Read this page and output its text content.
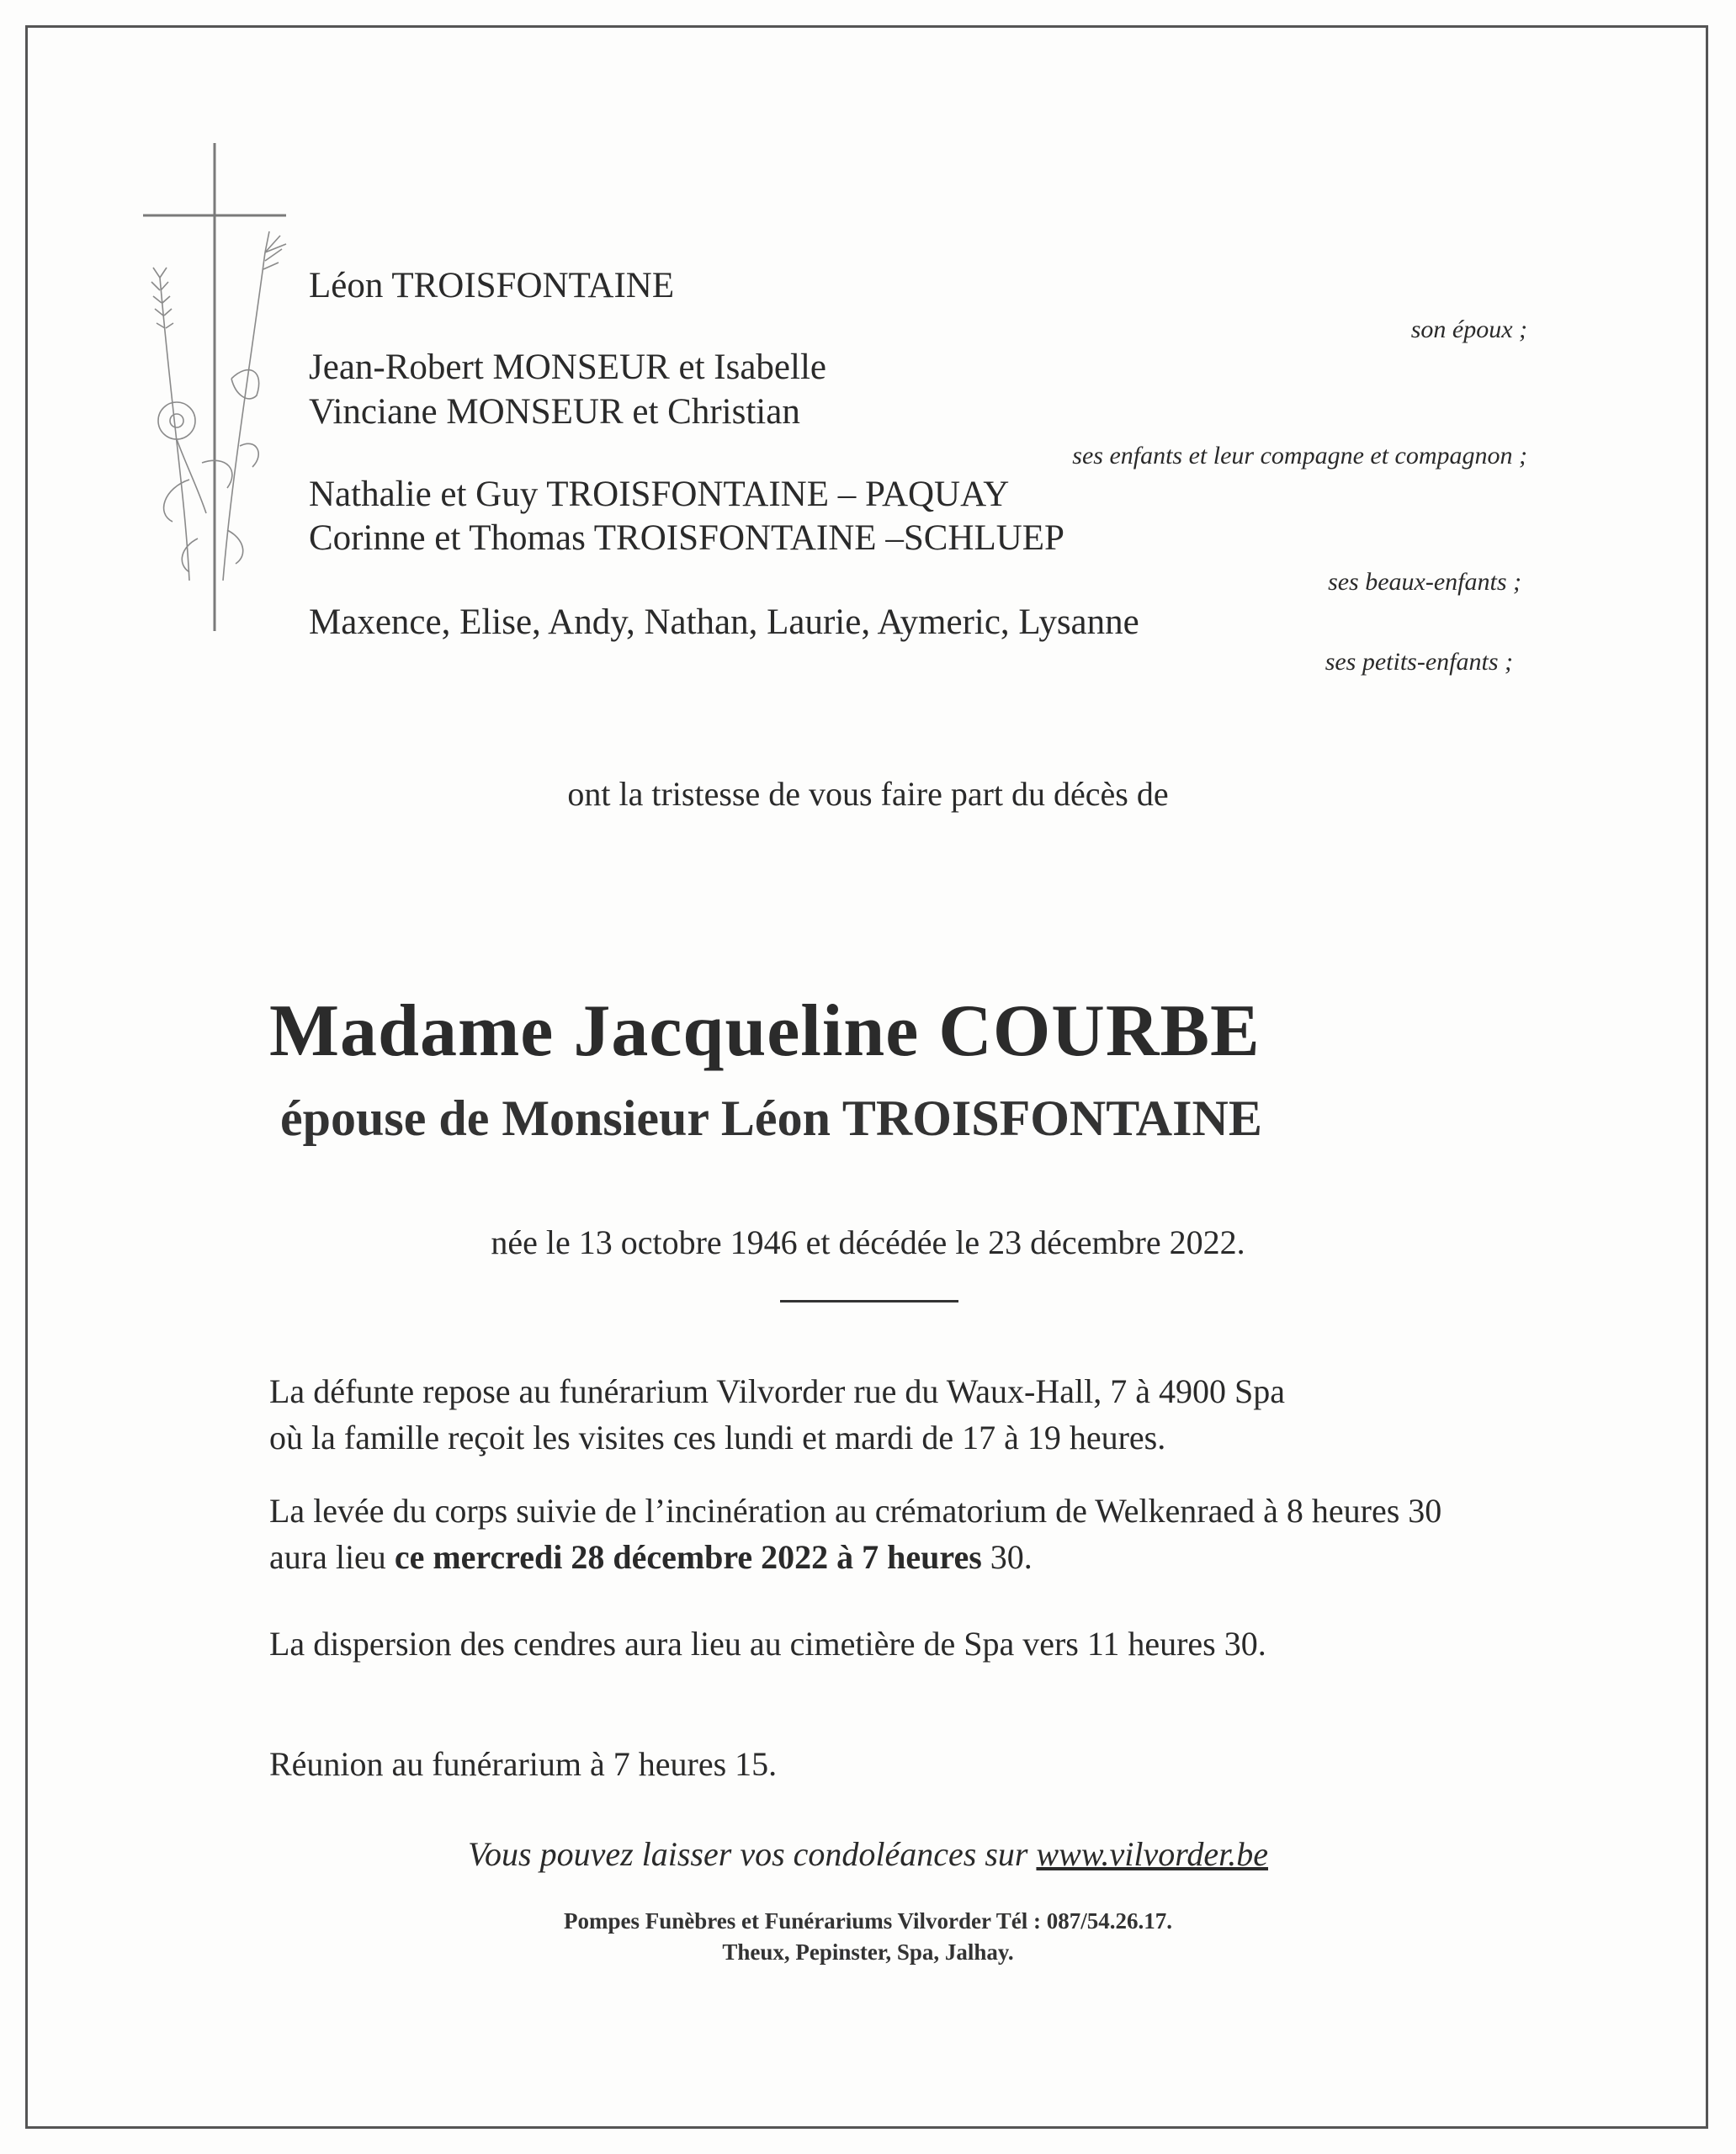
Léon TROISFONTAINE
son époux ;
Jean-Robert MONSEUR et Isabelle
Vinciane MONSEUR et Christian
ses enfants et leur compagne et compagnon ;
Nathalie et Guy TROISFONTAINE – PAQUAY
Corinne et Thomas TROISFONTAINE –SCHLUEP
ses beaux-enfants ;
Maxence, Elise, Andy, Nathan, Laurie, Aymeric, Lysanne
ses petits-enfants ;
ont la tristesse de vous faire part du décès de
Madame Jacqueline COURBE
épouse de Monsieur Léon TROISFONTAINE
née le 13 octobre 1946 et décédée le 23 décembre 2022.
La défunte repose au funérarium Vilvorder rue du Waux-Hall, 7 à 4900 Spa
où la famille reçoit les visites ces lundi et mardi de 17 à 19 heures.
La levée du corps suivie de l’incinération au crématorium de Welkenraed à 8 heures 30
aura lieu ce mercredi 28 décembre 2022 à 7 heures 30.
La dispersion des cendres aura lieu au cimetière de Spa vers 11 heures 30.
Réunion au funérarium à 7 heures 15.
Vous pouvez laisser vos condoléances sur www.vilvorder.be
Pompes Funèbres et Funérariums Vilvorder Tél : 087/54.26.17.
Theux, Pepinster, Spa, Jalhay.
